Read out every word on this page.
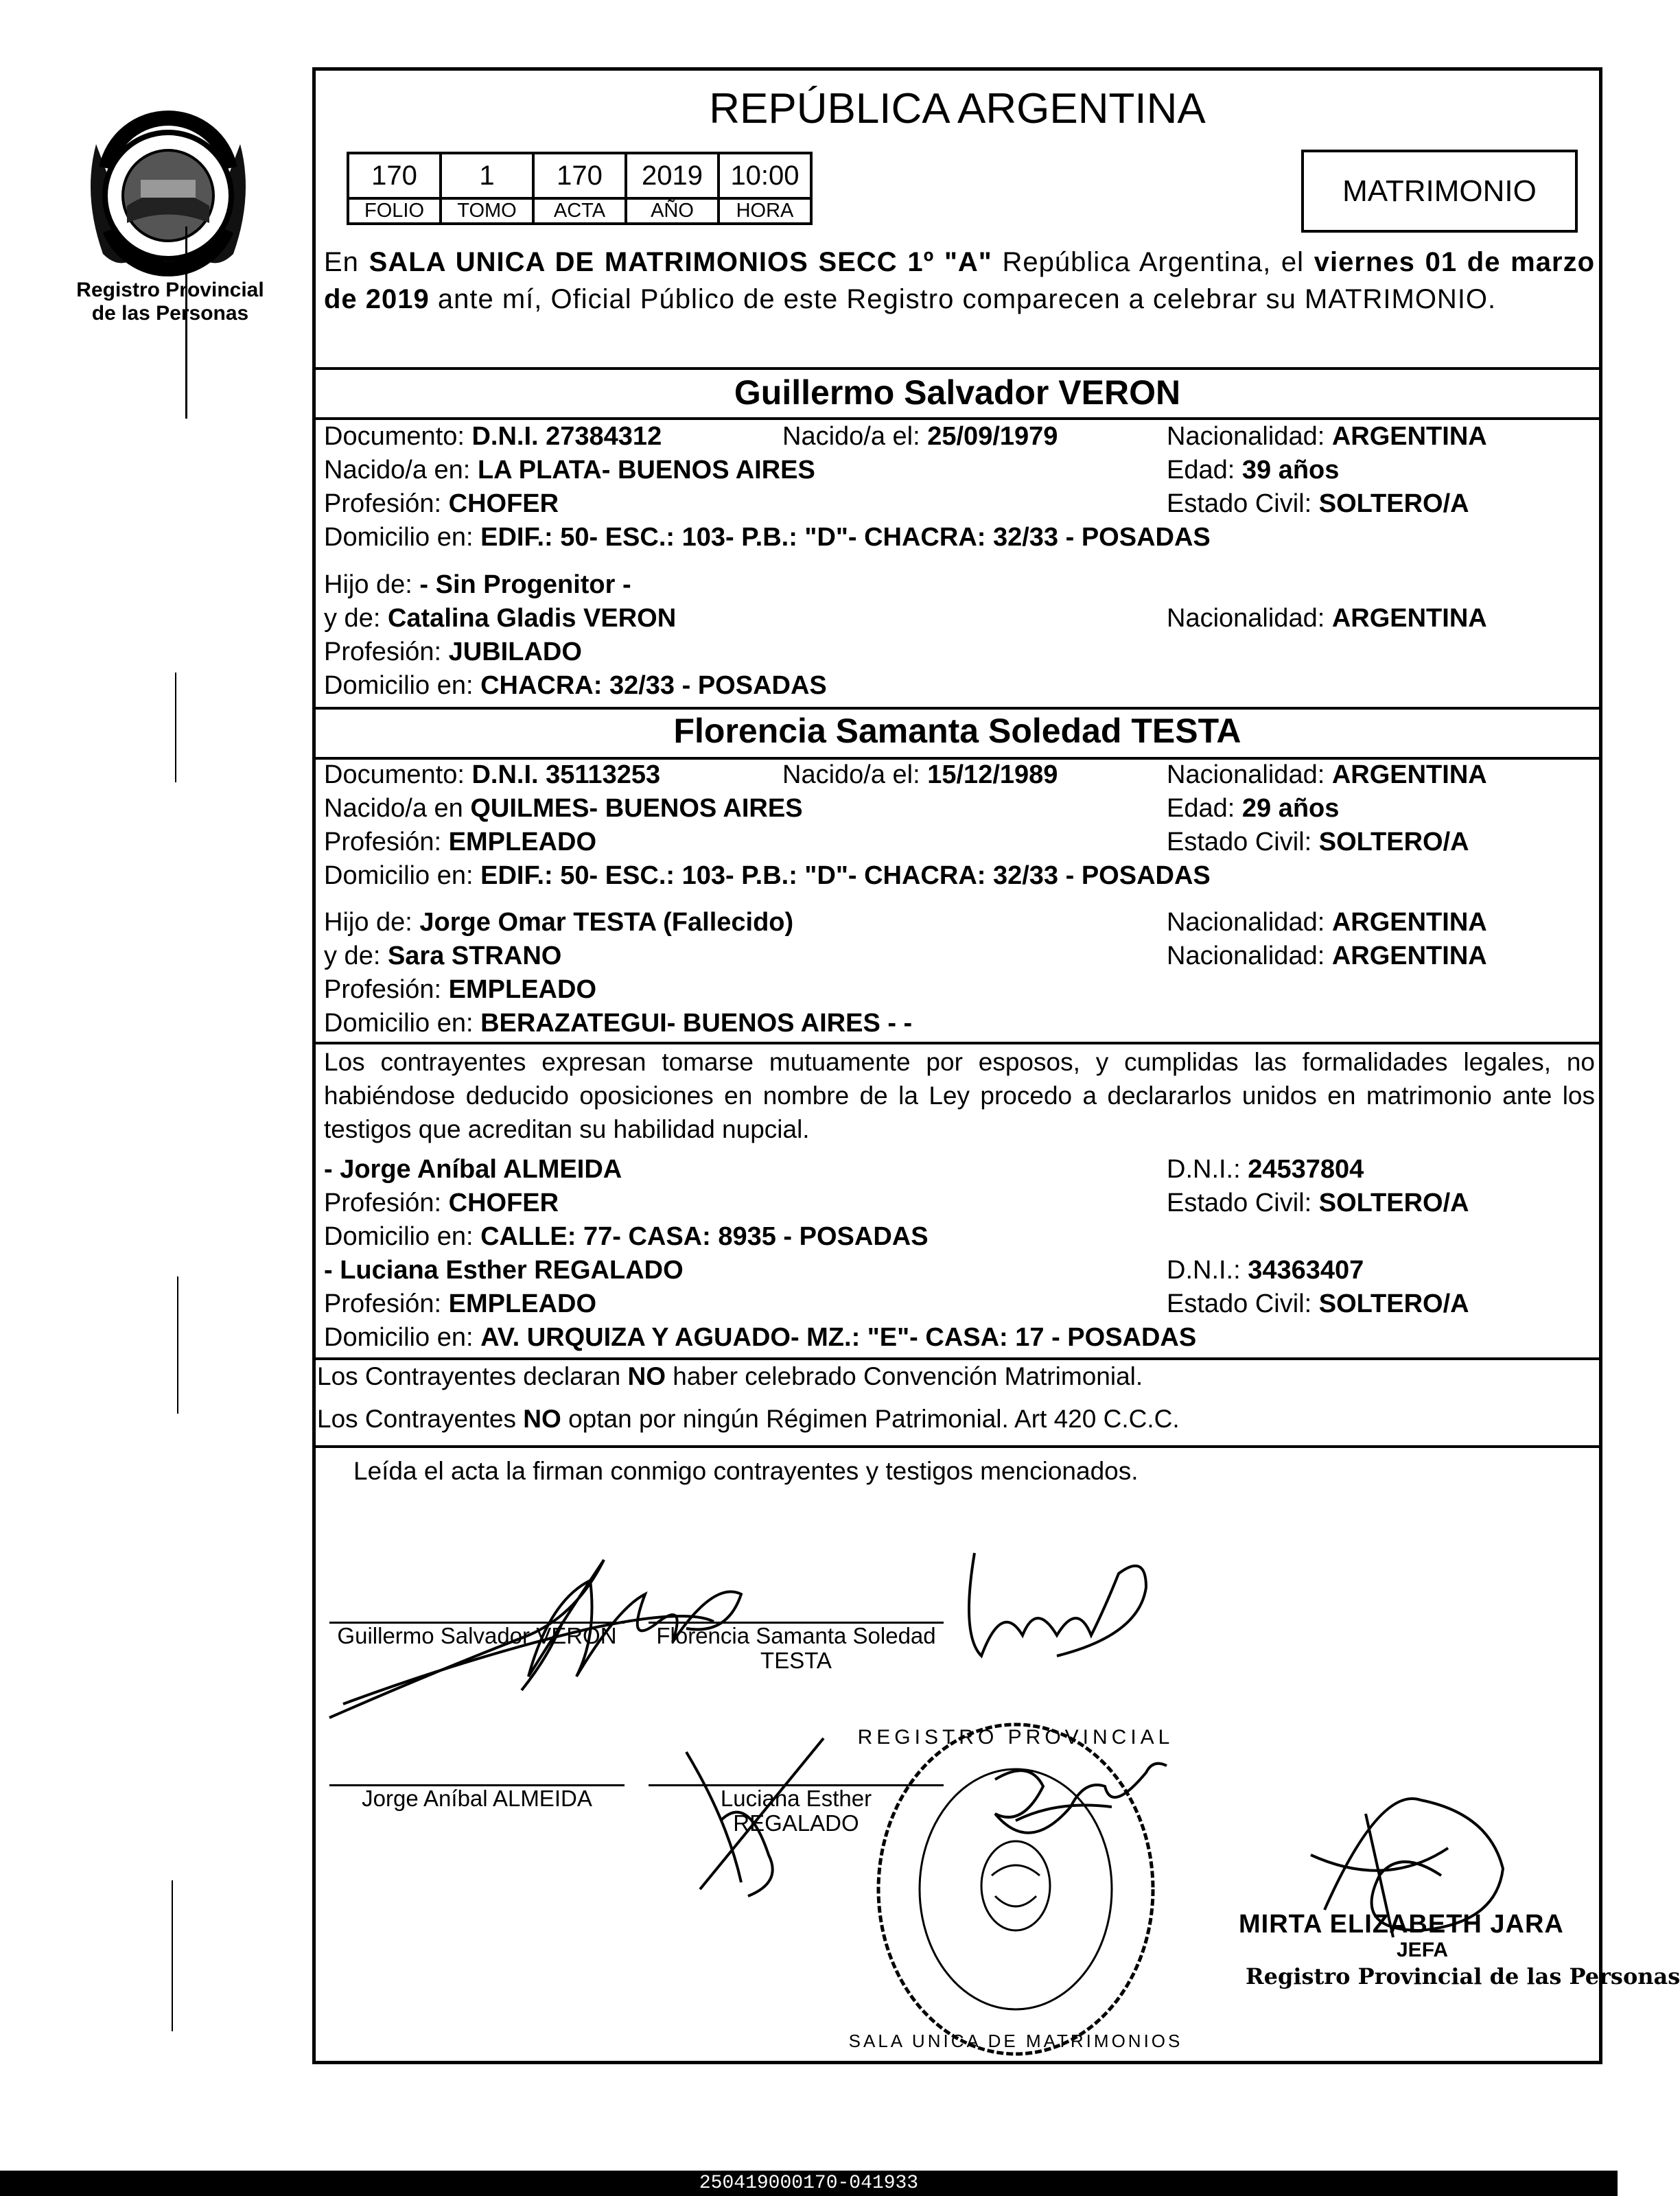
Registro Provincial
de las Personas
REPÚBLICA ARGENTINA
170	1	170	2019	10:00
FOLIO	TOMO	ACTA	AÑO	HORA
MATRIMONIO
En SALA UNICA DE MATRIMONIOS SECC 1º "A" República Argentina, el viernes 01 de marzo de 2019 ante mí, Oficial Público de este Registro comparecen a celebrar su MATRIMONIO.
Guillermo Salvador VERON
Documento: D.N.I. 27384312	Nacido/a el: 25/09/1979	Nacionalidad: ARGENTINA
Nacido/a en: LA PLATA- BUENOS AIRES	Edad: 39 años
Profesión: CHOFER	Estado Civil: SOLTERO/A
Domicilio en: EDIF.: 50- ESC.: 103- P.B.: "D"- CHACRA: 32/33 - POSADAS
Hijo de: - Sin Progenitor -
y de: Catalina Gladis VERON	Nacionalidad: ARGENTINA
Profesión: JUBILADO
Domicilio en: CHACRA: 32/33 - POSADAS
Florencia Samanta Soledad TESTA
Documento: D.N.I. 35113253	Nacido/a el: 15/12/1989	Nacionalidad: ARGENTINA
Nacido/a en QUILMES- BUENOS AIRES	Edad: 29 años
Profesión: EMPLEADO	Estado Civil: SOLTERO/A
Domicilio en: EDIF.: 50- ESC.: 103- P.B.: "D"- CHACRA: 32/33 - POSADAS
Hijo de: Jorge Omar TESTA (Fallecido)	Nacionalidad: ARGENTINA
y de: Sara STRANO	Nacionalidad: ARGENTINA
Profesión: EMPLEADO
Domicilio en: BERAZATEGUI- BUENOS AIRES - -
Los contrayentes expresan tomarse mutuamente por esposos, y cumplidas las formalidades legales, no habiéndose deducido oposiciones en nombre de la Ley procedo a declararlos unidos en matrimonio ante los testigos que acreditan su habilidad nupcial.
- Jorge Aníbal ALMEIDA	D.N.I.: 24537804
Profesión: CHOFER	Estado Civil: SOLTERO/A
Domicilio en: CALLE: 77- CASA: 8935 - POSADAS
- Luciana Esther REGALADO	D.N.I.: 34363407
Profesión: EMPLEADO	Estado Civil: SOLTERO/A
Domicilio en: AV. URQUIZA Y AGUADO- MZ.: "E"- CASA: 17 - POSADAS
Los Contrayentes declaran NO haber celebrado Convención Matrimonial.
Los Contrayentes NO optan por ningún Régimen Patrimonial. Art 420 C.C.C.
Leída el acta la firman conmigo contrayentes y testigos mencionados.
Guillermo Salvador VERON	Florencia Samanta Soledad
TESTA
Jorge Aníbal ALMEIDA	Luciana Esther
REGALADO
REGISTRO PROVINCIAL
SALA UNICA DE MATRIMONIOS
MIRTA ELIZABETH JARA
JEFA
Registro Provincial de las Personas
250419000170-041933
